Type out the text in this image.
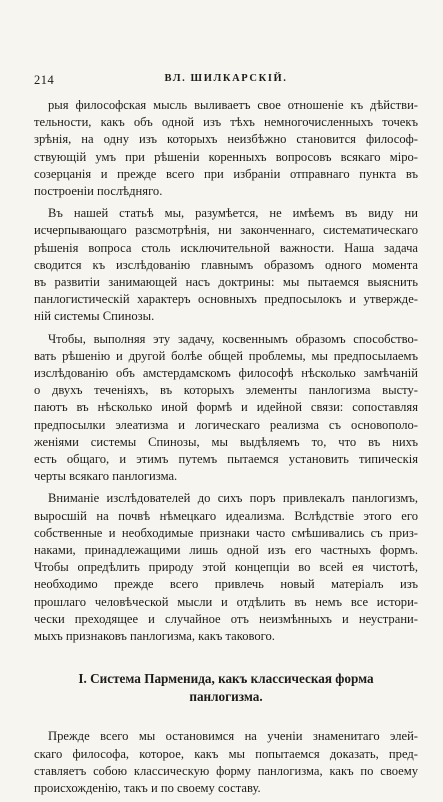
214	ВЛ. ШИЛКАРСКІЙ.
рыя философская мысль выливаетъ свое отношеніе къ дѣйстви-
тельности, какъ объ одной изъ тѣхъ немногочисленныхъ точекъ
зрѣнія, на одну изъ которыхъ неизбѣжно становится философ-
ствующій умъ при рѣшеніи коренныхъ вопросовъ всякаго міро-
созерцанія и прежде всего при избраніи отправнаго пункта въ
построеніи послѣдняго.
Въ нашей статьѣ мы, разумѣется, не имѣемъ въ виду ни
исчерпывающаго разсмотрѣнія, ни законченнаго, систематическаго
рѣшенія вопроса столь исключительной важности. Наша задача
сводится къ изслѣдованію главнымъ образомъ одного момента
въ развитіи занимающей насъ доктрины: мы пытаемся выяснить
панлогистическій характеръ основныхъ предпосылокъ и утвержде-
ній системы Спинозы.
Чтобы, выполняя эту задачу, косвеннымъ образомъ способство-
вать рѣшенію и другой болѣе общей проблемы, мы предпосылаемъ
изслѣдованію объ амстердамскомъ философѣ нѣсколько замѣчаній
о двухъ теченіяхъ, въ которыхъ элементы панлогизма высту-
паютъ въ нѣсколько иной формѣ и идейной связи: сопоставляя
предпосылки элеатизма и логическаго реализма съ основополо-
женіями системы Спинозы, мы выдѣляемъ то, что въ нихъ
есть общаго, и этимъ путемъ пытаемся установить типическія
черты всякаго панлогизма.
Вниманіе изслѣдователей до сихъ поръ привлекалъ панлогизмъ,
выросшій на почвѣ нѣмецкаго идеализма. Вслѣдствіе этого его
собственные и необходимые признаки часто смѣшивались съ приз-
наками, принадлежащими лишь одной изъ его частныхъ формъ.
Чтобы опредѣлить природу этой концепціи во всей ея чистотѣ,
необходимо прежде всего привлечь новый матеріалъ изъ
прошлаго человѣческой мысли и отдѣлить въ немъ все истори-
чески преходящее и случайное отъ неизмѣнныхъ и неустрани-
мыхъ признаковъ панлогизма, какъ такового.
I. Система Парменида, какъ классическая форма
панлогизма.
Прежде всего мы остановимся на ученіи знаменитаго элей-
скаго философа, которое, какъ мы попытаемся доказать, пред-
ставляетъ собою классическую форму панлогизма, какъ по своему
происхожденію, такъ и по своему составу.
